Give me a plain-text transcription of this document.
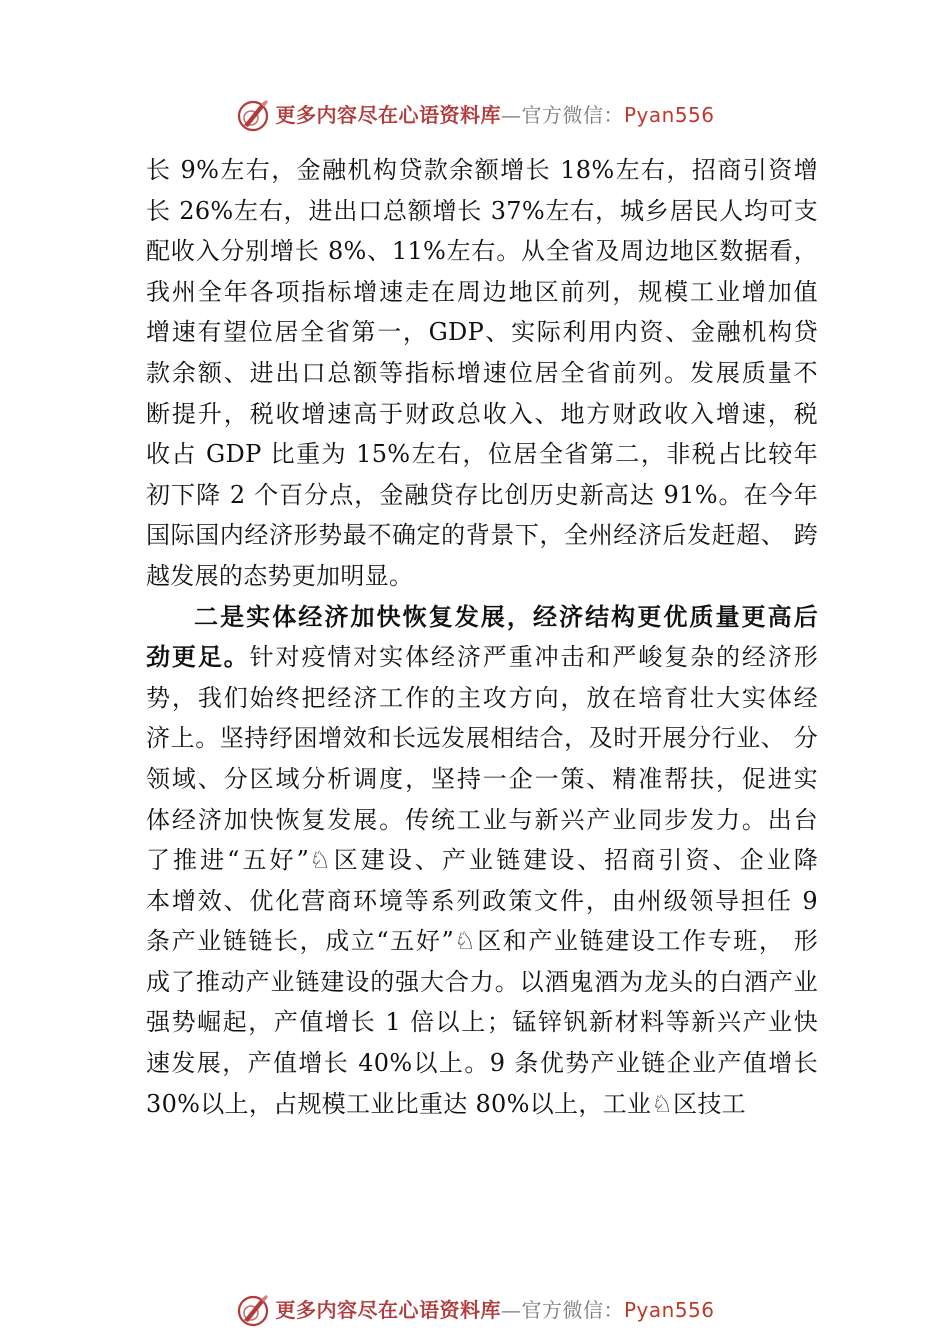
更多内容尽在心语资料库—官方微信：Pyan556
长 9%左右，金融机构贷款余额增长 18%左右，招商引资增
长 26%左右，进出口总额增长 37%左右，城乡居民人均可支
配收入分别增长 8%、11%左右。从全省及周边地区数据看，
我州全年各项指标增速走在周边地区前列，规模工业增加值
增速有望位居全省第一，GDP、实际利用内资、金融机构贷
款余额、进出口总额等指标增速位居全省前列。发展质量不
断提升，税收增速高于财政总收入、地方财政收入增速，税
收占 GDP 比重为 15%左右，位居全省第二，非税占比较年
初下降 2 个百分点，金融贷存比创历史新高达 91%。在今年
国际国内经济形势最不确定的背景下，全州经济后发赶超、 跨
越发展的态势更加明显。
二是实体经济加快恢复发展，经济结构更优质量更高后
劲更足。针对疫情对实体经济严重冲击和严峻复杂的经济形
势，我们始终把经济工作的主攻方向，放在培育壮大实体经
济上。坚持纾困增效和长远发展相结合，及时开展分行业、 分
领域、分区域分析调度，坚持一企一策、精准帮扶，促进实
体经济加快恢复发展。传统工业与新兴产业同步发力。出台
了推进“五好”♘区建设、产业链建设、招商引资、企业降
本增效、优化营商环境等系列政策文件，由州级领导担任 9
条产业链链长，成立“五好”♘区和产业链建设工作专班， 形
成了推动产业链建设的强大合力。以酒鬼酒为龙头的白酒产业
强势崛起，产值增长 1 倍以上；锰锌钒新材料等新兴产业快
速发展，产值增长 40%以上。9 条优势产业链企业产值增长
30%以上，占规模工业比重达 80%以上，工业♘区技工
更多内容尽在心语资料库—官方微信：Pyan556
